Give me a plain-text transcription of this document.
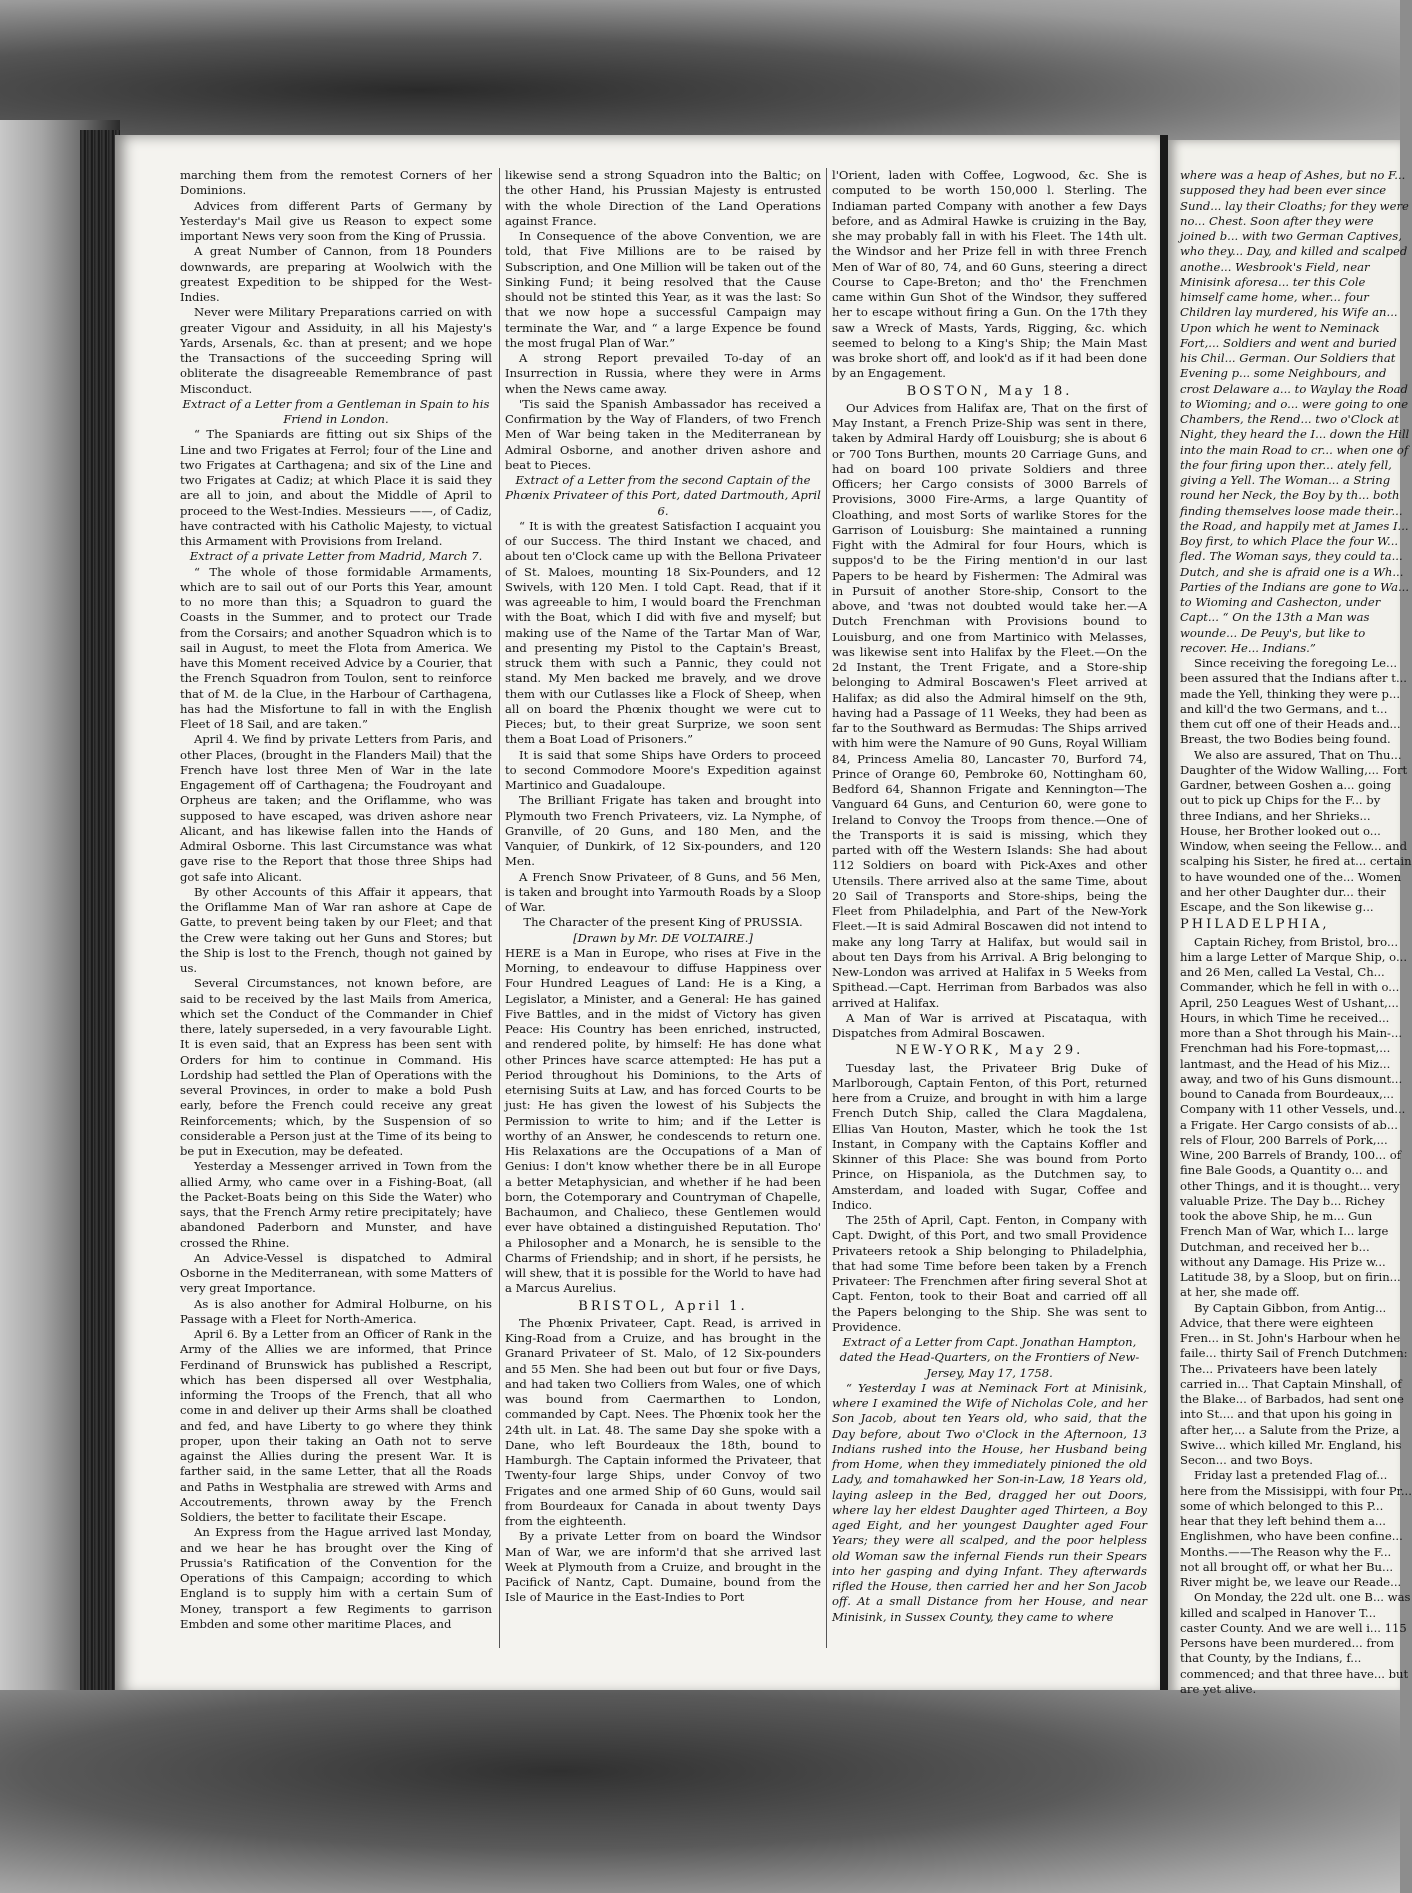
marching them from the remotest Corners of her Dominions.

Advices from different Parts of Germany by Yesterday's Mail give us Reason to expect some important News very soon from the King of Prussia.

A great Number of Cannon, from 18 Pounders downwards, are preparing at Woolwich with the greatest Expedition to be shipped for the West-Indies.

Never were Military Preparations carried on with greater Vigour and Assiduity, in all his Majesty's Yards, Arsenals, &c. than at present; and we hope the Transactions of the succeeding Spring will obliterate the disagreeable Remembrance of past Misconduct.

Extract of a Letter from a Gentleman in Spain to his Friend in London.

“ The Spaniards are fitting out six Ships of the Line and two Frigates at Ferrol; four of the Line and two Frigates at Carthagena; and six of the Line and two Frigates at Cadiz; at which Place it is said they are all to join, and about the Middle of April to proceed to the West-Indies. Messieurs ——, of Cadiz, have contracted with his Catholic Majesty, to victual this Armament with Provisions from Ireland.

Extract of a private Letter from Madrid, March 7.

“ The whole of those formidable Armaments, which are to sail out of our Ports this Year, amount to no more than this; a Squadron to guard the Coasts in the Summer, and to protect our Trade from the Corsairs; and another Squadron which is to sail in August, to meet the Flota from America. We have this Moment received Advice by a Courier, that the French Squadron from Toulon, sent to reinforce that of M. de la Clue, in the Harbour of Carthagena, has had the Misfortune to fall in with the English Fleet of 18 Sail, and are taken.”

April 4. We find by private Letters from Paris, and other Places, (brought in the Flanders Mail) that the French have lost three Men of War in the late Engagement off of Carthagena; the Foudroyant and Orpheus are taken; and the Oriflamme, who was supposed to have escaped, was driven ashore near Alicant, and has likewise fallen into the Hands of Admiral Osborne. This last Circumstance was what gave rise to the Report that those three Ships had got safe into Alicant.

By other Accounts of this Affair it appears, that the Oriflamme Man of War ran ashore at Cape de Gatte, to prevent being taken by our Fleet; and that the Crew were taking out her Guns and Stores; but the Ship is lost to the French, though not gained by us.

Several Circumstances, not known before, are said to be received by the last Mails from America, which set the Conduct of the Commander in Chief there, lately superseded, in a very favourable Light. It is even said, that an Express has been sent with Orders for him to continue in Command. His Lordship had settled the Plan of Operations with the several Provinces, in order to make a bold Push early, before the French could receive any great Reinforcements; which, by the Suspension of so considerable a Person just at the Time of its being to be put in Execution, may be defeated.

Yesterday a Messenger arrived in Town from the allied Army, who came over in a Fishing-Boat, (all the Packet-Boats being on this Side the Water) who says, that the French Army retire precipitately; have abandoned Paderborn and Munster, and have crossed the Rhine.

An Advice-Vessel is dispatched to Admiral Osborne in the Mediterranean, with some Matters of very great Importance.

As is also another for Admiral Holburne, on his Passage with a Fleet for North-America.

April 6. By a Letter from an Officer of Rank in the Army of the Allies we are informed, that Prince Ferdinand of Brunswick has published a Rescript, which has been dispersed all over Westphalia, informing the Troops of the French, that all who come in and deliver up their Arms shall be cloathed and fed, and have Liberty to go where they think proper, upon their taking an Oath not to serve against the Allies during the present War. It is farther said, in the same Letter, that all the Roads and Paths in Westphalia are strewed with Arms and Accoutrements, thrown away by the French Soldiers, the better to facilitate their Escape.

An Express from the Hague arrived last Monday, and we hear he has brought over the King of Prussia's Ratification of the Convention for the Operations of this Campaign; according to which England is to supply him with a certain Sum of Money, transport a few Regiments to garrison Embden and some other maritime Places, and

likewise send a strong Squadron into the Baltic; on the other Hand, his Prussian Majesty is entrusted with the whole Direction of the Land Operations against France.

In Consequence of the above Convention, we are told, that Five Millions are to be raised by Subscription, and One Million will be taken out of the Sinking Fund; it being resolved that the Cause should not be stinted this Year, as it was the last: So that we now hope a successful Campaign may terminate the War, and “ a large Expence be found the most frugal Plan of War.”

A strong Report prevailed To-day of an Insurrection in Russia, where they were in Arms when the News came away.

'Tis said the Spanish Ambassador has received a Confirmation by the Way of Flanders, of two French Men of War being taken in the Mediterranean by Admiral Osborne, and another driven ashore and beat to Pieces.

Extract of a Letter from the second Captain of the Phœnix Privateer of this Port, dated Dartmouth, April 6.

“ It is with the greatest Satisfaction I acquaint you of our Success. The third Instant we chaced, and about ten o'Clock came up with the Bellona Privateer of St. Maloes, mounting 18 Six-Pounders, and 12 Swivels, with 120 Men. I told Capt. Read, that if it was agreeable to him, I would board the Frenchman with the Boat, which I did with five and myself; but making use of the Name of the Tartar Man of War, and presenting my Pistol to the Captain's Breast, struck them with such a Pannic, they could not stand. My Men backed me bravely, and we drove them with our Cutlasses like a Flock of Sheep, when all on board the Phœnix thought we were cut to Pieces; but, to their great Surprize, we soon sent them a Boat Load of Prisoners.”

It is said that some Ships have Orders to proceed to second Commodore Moore's Expedition against Martinico and Guadaloupe.

The Brilliant Frigate has taken and brought into Plymouth two French Privateers, viz. La Nymphe, of Granville, of 20 Guns, and 180 Men, and the Vanquier, of Dunkirk, of 12 Six-pounders, and 120 Men.

A French Snow Privateer, of 8 Guns, and 56 Men, is taken and brought into Yarmouth Roads by a Sloop of War.

The Character of the present King of PRUSSIA.

[Drawn by Mr. DE VOLTAIRE.]

HERE is a Man in Europe, who rises at Five in the Morning, to endeavour to diffuse Happiness over Four Hundred Leagues of Land: He is a King, a Legislator, a Minister, and a General: He has gained Five Battles, and in the midst of Victory has given Peace: His Country has been enriched, instructed, and rendered polite, by himself: He has done what other Princes have scarce attempted: He has put a Period throughout his Dominions, to the Arts of eternising Suits at Law, and has forced Courts to be just: He has given the lowest of his Subjects the Permission to write to him; and if the Letter is worthy of an Answer, he condescends to return one. His Relaxations are the Occupations of a Man of Genius: I don't know whether there be in all Europe a better Metaphysician, and whether if he had been born, the Cotemporary and Countryman of Chapelle, Bachaumon, and Chalieco, these Gentlemen would ever have obtained a distinguished Reputation. Tho' a Philosopher and a Monarch, he is sensible to the Charms of Friendship; and in short, if he persists, he will shew, that it is possible for the World to have had a Marcus Aurelius.

BRISTOL, April 1.

The Phœnix Privateer, Capt. Read, is arrived in King-Road from a Cruize, and has brought in the Granard Privateer of St. Malo, of 12 Six-pounders and 55 Men. She had been out but four or five Days, and had taken two Colliers from Wales, one of which was bound from Caermarthen to London, commanded by Capt. Nees. The Phœnix took her the 24th ult. in Lat. 48. The same Day she spoke with a Dane, who left Bourdeaux the 18th, bound to Hamburgh. The Captain informed the Privateer, that Twenty-four large Ships, under Convoy of two Frigates and one armed Ship of 60 Guns, would sail from Bourdeaux for Canada in about twenty Days from the eighteenth.

By a private Letter from on board the Windsor Man of War, we are inform'd that she arrived last Week at Plymouth from a Cruize, and brought in the Pacifick of Nantz, Capt. Dumaine, bound from the Isle of Maurice in the East-Indies to Port

l'Orient, laden with Coffee, Logwood, &c. She is computed to be worth 150,000 l. Sterling. The Indiaman parted Company with another a few Days before, and as Admiral Hawke is cruizing in the Bay, she may probably fall in with his Fleet. The 14th ult. the Windsor and her Prize fell in with three French Men of War of 80, 74, and 60 Guns, steering a direct Course to Cape-Breton; and tho' the Frenchmen came within Gun Shot of the Windsor, they suffered her to escape without firing a Gun. On the 17th they saw a Wreck of Masts, Yards, Rigging, &c. which seemed to belong to a King's Ship; the Main Mast was broke short off, and look'd as if it had been done by an Engagement.

BOSTON, May 18.

Our Advices from Halifax are, That on the first of May Instant, a French Prize-Ship was sent in there, taken by Admiral Hardy off Louisburg; she is about 6 or 700 Tons Burthen, mounts 20 Carriage Guns, and had on board 100 private Soldiers and three Officers; her Cargo consists of 3000 Barrels of Provisions, 3000 Fire-Arms, a large Quantity of Cloathing, and most Sorts of warlike Stores for the Garrison of Louisburg: She maintained a running Fight with the Admiral for four Hours, which is suppos'd to be the Firing mention'd in our last Papers to be heard by Fishermen: The Admiral was in Pursuit of another Store-ship, Consort to the above, and 'twas not doubted would take her.—A Dutch Frenchman with Provisions bound to Louisburg, and one from Martinico with Melasses, was likewise sent into Halifax by the Fleet.—On the 2d Instant, the Trent Frigate, and a Store-ship belonging to Admiral Boscawen's Fleet arrived at Halifax; as did also the Admiral himself on the 9th, having had a Passage of 11 Weeks, they had been as far to the Southward as Bermudas: The Ships arrived with him were the Namure of 90 Guns, Royal William 84, Princess Amelia 80, Lancaster 70, Burford 74, Prince of Orange 60, Pembroke 60, Nottingham 60, Bedford 64, Shannon Frigate and Kennington—The Vanguard 64 Guns, and Centurion 60, were gone to Ireland to Convoy the Troops from thence.—One of the Transports it is said is missing, which they parted with off the Western Islands: She had about 112 Soldiers on board with Pick-Axes and other Utensils. There arrived also at the same Time, about 20 Sail of Transports and Store-ships, being the Fleet from Philadelphia, and Part of the New-York Fleet.—It is said Admiral Boscawen did not intend to make any long Tarry at Halifax, but would sail in about ten Days from his Arrival. A Brig belonging to New-London was arrived at Halifax in 5 Weeks from Spithead.—Capt. Herriman from Barbados was also arrived at Halifax.

A Man of War is arrived at Piscataqua, with Dispatches from Admiral Boscawen.

NEW-YORK, May 29.

Tuesday last, the Privateer Brig Duke of Marlborough, Captain Fenton, of this Port, returned here from a Cruize, and brought in with him a large French Dutch Ship, called the Clara Magdalena, Ellias Van Houton, Master, which he took the 1st Instant, in Company with the Captains Koffler and Skinner of this Place: She was bound from Porto Prince, on Hispaniola, as the Dutchmen say, to Amsterdam, and loaded with Sugar, Coffee and Indico.

The 25th of April, Capt. Fenton, in Company with Capt. Dwight, of this Port, and two small Providence Privateers retook a Ship belonging to Philadelphia, that had some Time before been taken by a French Privateer: The Frenchmen after firing several Shot at Capt. Fenton, took to their Boat and carried off all the Papers belonging to the Ship. She was sent to Providence.

Extract of a Letter from Capt. Jonathan Hampton, dated the Head-Quarters, on the Frontiers of New-Jersey, May 17, 1758.

“ Yesterday I was at Neminack Fort at Minisink, where I examined the Wife of Nicholas Cole, and her Son Jacob, about ten Years old, who said, that the Day before, about Two o'Clock in the Afternoon, 13 Indians rushed into the House, her Husband being from Home, when they immediately pinioned the old Lady, and tomahawked her Son-in-Law, 18 Years old, laying asleep in the Bed, dragged her out Doors, where lay her eldest Daughter aged Thirteen, a Boy aged Eight, and her youngest Daughter aged Four Years; they were all scalped, and the poor helpless old Woman saw the infernal Fiends run their Spears into her gasping and dying Infant. They afterwards rifled the House, then carried her and her Son Jacob off. At a small Distance from her House, and near Minisink, in Sussex County, they came to where

where was a heap of Ashes, but no F... supposed they had been ever since Sund... lay their Cloaths; for they were no... Chest. Soon after they were joined b... with two German Captives, who they... Day, and killed and scalped anothe... Wesbrook's Field, near Minisink aforesa... ter this Cole himself came home, wher... four Children lay murdered, his Wife an... Upon which he went to Neminack Fort,... Soldiers and went and buried his Chil... German. Our Soldiers that Evening p... some Neighbours, and crost Delaware a... to Waylay the Road to Wioming; and o... were going to one Chambers, the Rend... two o'Clock at Night, they heard the I... down the Hill into the main Road to cr... when one of the four firing upon ther... ately fell, giving a Yell. The Woman... a String round her Neck, the Boy by th... both finding themselves loose made their... the Road, and happily met at James I... Boy first, to which Place the four W... fled. The Woman says, they could ta... Dutch, and she is afraid one is a Wh... Parties of the Indians are gone to Wa... to Wioming and Cashecton, under Capt... “ On the 13th a Man was wounde... De Peuy's, but like to recover. He... Indians.”

Since receiving the foregoing Le... been assured that the Indians after t... made the Yell, thinking they were p... and kill'd the two Germans, and t... them cut off one of their Heads and... Breast, the two Bodies being found.

We also are assured, That on Thu... Daughter of the Widow Walling,... Fort Gardner, between Goshen a... going out to pick up Chips for the F... by three Indians, and her Shrieks... House, her Brother looked out o... Window, when seeing the Fellow... and scalping his Sister, he fired at... certain to have wounded one of the... Women and her other Daughter dur... their Escape, and the Son likewise g...

PHILADELPHIA,

Captain Richey, from Bristol, bro... him a large Letter of Marque Ship, o... and 26 Men, called La Vestal, Ch... Commander, which he fell in with o... April, 250 Leagues West of Ushant,... Hours, in which Time he received... more than a Shot through his Main-... Frenchman had his Fore-topmast,... lantmast, and the Head of his Miz... away, and two of his Guns dismount... bound to Canada from Bourdeaux,... Company with 11 other Vessels, und... a Frigate. Her Cargo consists of ab... rels of Flour, 200 Barrels of Pork,... Wine, 200 Barrels of Brandy, 100... of fine Bale Goods, a Quantity o... and other Things, and it is thought... very valuable Prize. The Day b... Richey took the above Ship, he m... Gun French Man of War, which I... large Dutchman, and received her b... without any Damage. His Prize w... Latitude 38, by a Sloop, but on firin... at her, she made off.

By Captain Gibbon, from Antig... Advice, that there were eighteen Fren... in St. John's Harbour when he faile... thirty Sail of French Dutchmen: The... Privateers have been lately carried in... That Captain Minshall, of the Blake... of Barbados, had sent one into St.... and that upon his going in after her,... a Salute from the Prize, a Swive... which killed Mr. England, his Secon... and two Boys.

Friday last a pretended Flag of... here from the Missisippi, with four Pr... some of which belonged to this P... hear that they left behind them a... Englishmen, who have been confine... Months.——The Reason why the F... not all brought off, or what her Bu... River might be, we leave our Reade...

On Monday, the 22d ult. one B... was killed and scalped in Hanover T... caster County. And we are well i... 115 Persons have been murdered... from that County, by the Indians, f... commenced; and that three have... but are yet alive.
